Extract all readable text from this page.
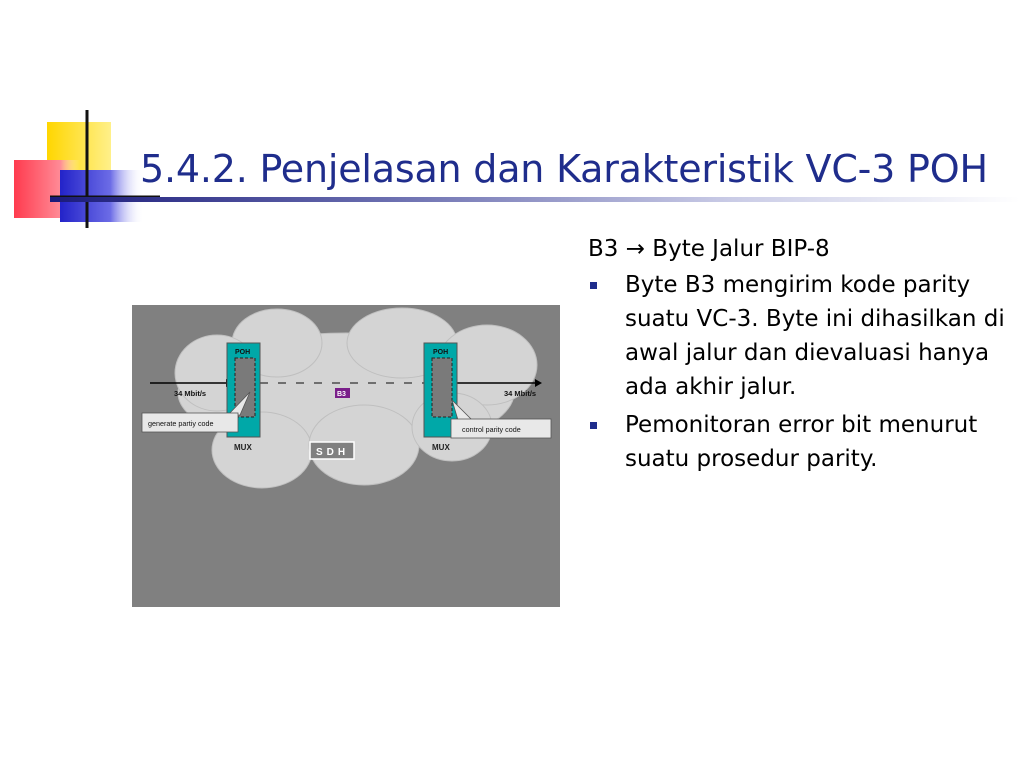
5.4.2. Penjelasan dan Karakteristik VC-3 POH
34 Mbit/s	34 Mbit/s
POH
MUX
POH
MUX
B3
generate partiy code
control parity code
SDH

B3 → Byte Jalur BIP-8

Byte B3 mengirim kode parity suatu VC-3. Byte ini dihasilkan di awal jalur dan dievaluasi hanya ada akhir jalur.
Pemonitoran error bit menurut suatu prosedur parity.
